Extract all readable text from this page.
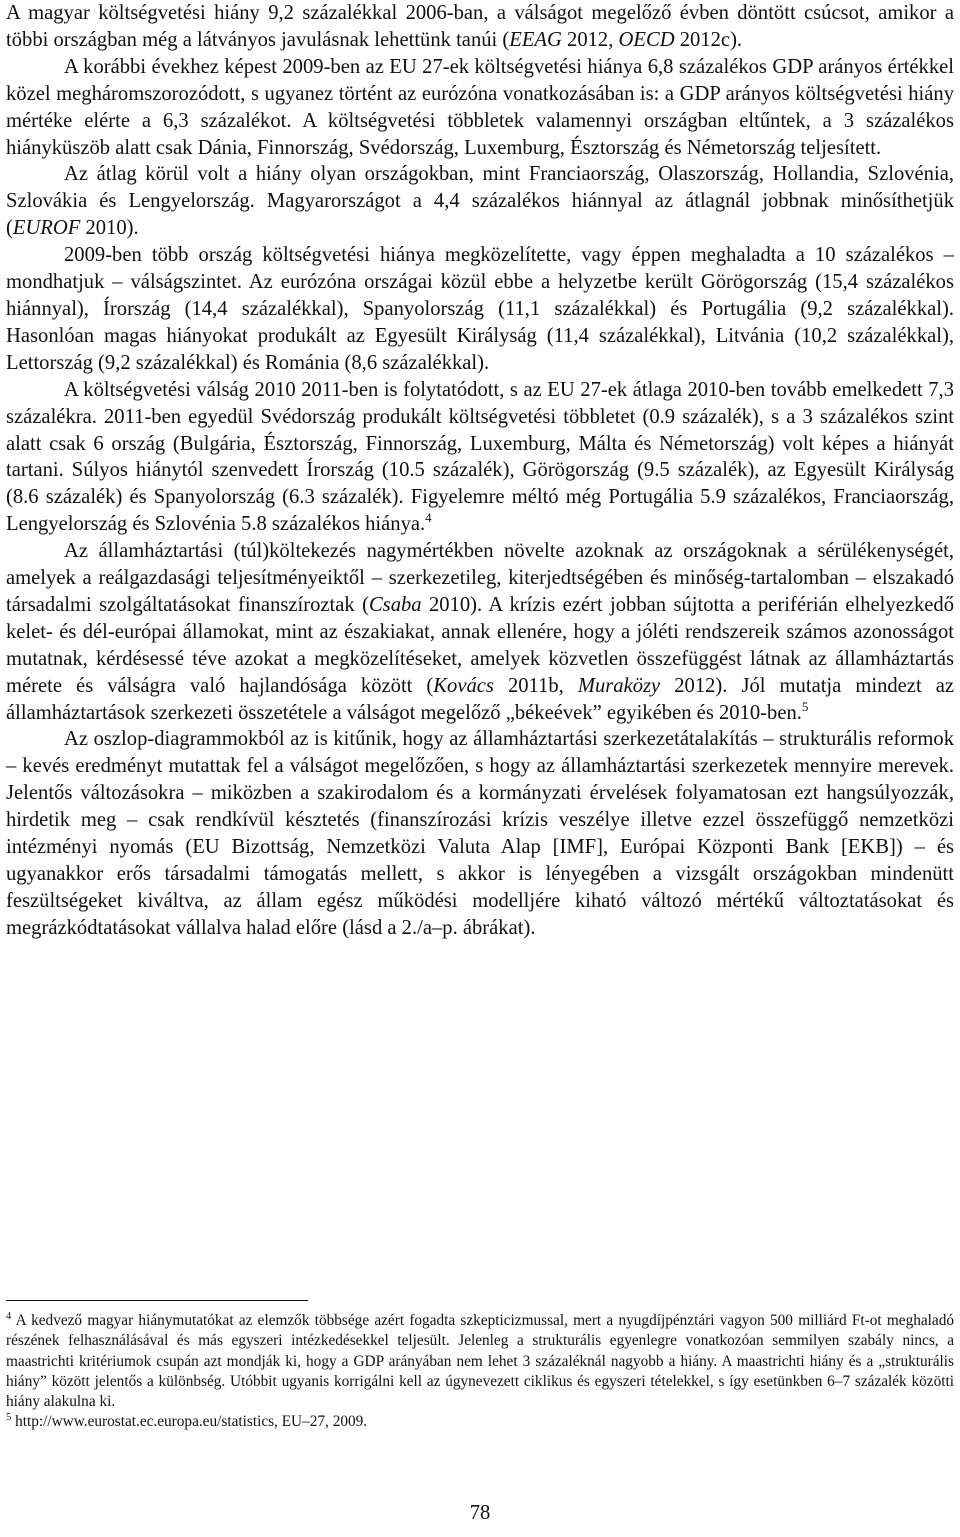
A magyar költségvetési hiány 9,2 százalékkal 2006-ban, a válságot megelőző évben döntött csúcsot, amikor a többi országban még a látványos javulásnak lehettünk tanúi (EEAG 2012, OECD 2012c).

A korábbi évekhez képest 2009-ben az EU 27-ek költségvetési hiánya 6,8 százalékos GDP arányos értékkel közel megháromszorozódott, s ugyanez történt az eurózóna vonatkozásában is: a GDP arányos költségvetési hiány mértéke elérte a 6,3 százalékot. A költségvetési többletek valamennyi országban eltűntek, a 3 százalékos hiányküszöb alatt csak Dánia, Finnország, Svédország, Luxemburg, Észtország és Németország teljesített.

Az átlag körül volt a hiány olyan országokban, mint Franciaország, Olaszország, Hollandia, Szlovénia, Szlovákia és Lengyelország. Magyarországot a 4,4 százalékos hiánnyal az átlagnál jobbnak minősíthetjük (EUROF 2010).

2009-ben több ország költségvetési hiánya megközelítette, vagy éppen meghaladta a 10 százalékos – mondhatjuk – válságszintet. Az eurózóna országai közül ebbe a helyzetbe került Görögország (15,4 százalékos hiánnyal), Írország (14,4 százalékkal), Spanyolország (11,1 százalékkal) és Portugália (9,2 százalékkal). Hasonlóan magas hiányokat produkált az Egyesült Királyság (11,4 százalékkal), Litvánia (10,2 százalékkal), Lettország (9,2 százalékkal) és Románia (8,6 százalékkal).

A költségvetési válság 2010 2011-ben is folytatódott, s az EU 27-ek átlaga 2010-ben tovább emelkedett 7,3 százalékra. 2011-ben egyedül Svédország produkált költségvetési többletet (0.9 százalék), s a 3 százalékos szint alatt csak 6 ország (Bulgária, Észtország, Finnország, Luxemburg, Málta és Németország) volt képes a hiányát tartani. Súlyos hiánytól szenvedett Írország (10.5 százalék), Görögország (9.5 százalék), az Egyesült Királyság (8.6 százalék) és Spanyolország (6.3 százalék). Figyelemre méltó még Portugália 5.9 százalékos, Franciaország, Lengyelország és Szlovénia 5.8 százalékos hiánya.$^4$

Az államháztartási (túl)költekezés nagymértékben növelte azoknak az országoknak a sérülékenységét, amelyek a reálgazdasági teljesítményeiktől – szerkezetileg, kiterjedtségében és minőség-tartalomban – elszakadó társadalmi szolgáltatásokat finanszíroztak (Csaba 2010). A krízis ezért jobban sújtotta a periférián elhelyezkedő kelet- és dél-európai államokat, mint az északiakat, annak ellenére, hogy a jóléti rendszereik számos azonosságot mutatnak, kérdésessé téve azokat a megközelítéseket, amelyek közvetlen összefüggést látnak az államháztartás mérete és válságra való hajlandósága között (Kovács 2011b, Muraközy 2012). Jól mutatja mindezt az államháztartások szerkezeti összetétele a válságot megelőző „békeévek” egyikében és 2010-ben.$^5$

Az oszlop-diagrammokból az is kitűnik, hogy az államháztartási szerkezetátalakítás – strukturális reformok – kevés eredményt mutattak fel a válságot megelőzően, s hogy az államháztartási szerkezetek mennyire merevek. Jelentős változásokra – miközben a szakirodalom és a kormányzati érvelések folyamatosan ezt hangsúlyozzák, hirdetik meg – csak rendkívül késztetés (finanszírozási krízis veszélye illetve ezzel összefüggő nemzetközi intézményi nyomás (EU Bizottság, Nemzetközi Valuta Alap [IMF], Európai Központi Bank [EKB]) – és ugyanakkor erős társadalmi támogatás mellett, s akkor is lényegében a vizsgált országokban mindenütt feszültségeket kiváltva, az állam egész működési modelljére kiható változó mértékű változtatásokat és megrázkódtatásokat vállalva halad előre (lásd a 2./a–p. ábrákat).

$^4$ A kedvező magyar hiánymutatókat az elemzők többsége azért fogadta szkepticizmussal, mert a nyugdíjpénztári vagyon 500 milliárd Ft-ot meghaladó részének felhasználásával és más egyszeri intézkedésekkel teljesült. Jelenleg a strukturális egyenlegre vonatkozóan semmilyen szabály nincs, a maastrichti kritériumok csupán azt mondják ki, hogy a GDP arányában nem lehet 3 százaléknál nagyobb a hiány. A maastrichti hiány és a „strukturális hiány” között jelentős a különbség. Utóbbit ugyanis korrigálni kell az úgynevezett ciklikus és egyszeri tételekkel, s így esetünkben 6–7 százalék közötti hiány alakulna ki.

$^5$ http://www.eurostat.ec.europa.eu/statistics, EU–27, 2009.

78
